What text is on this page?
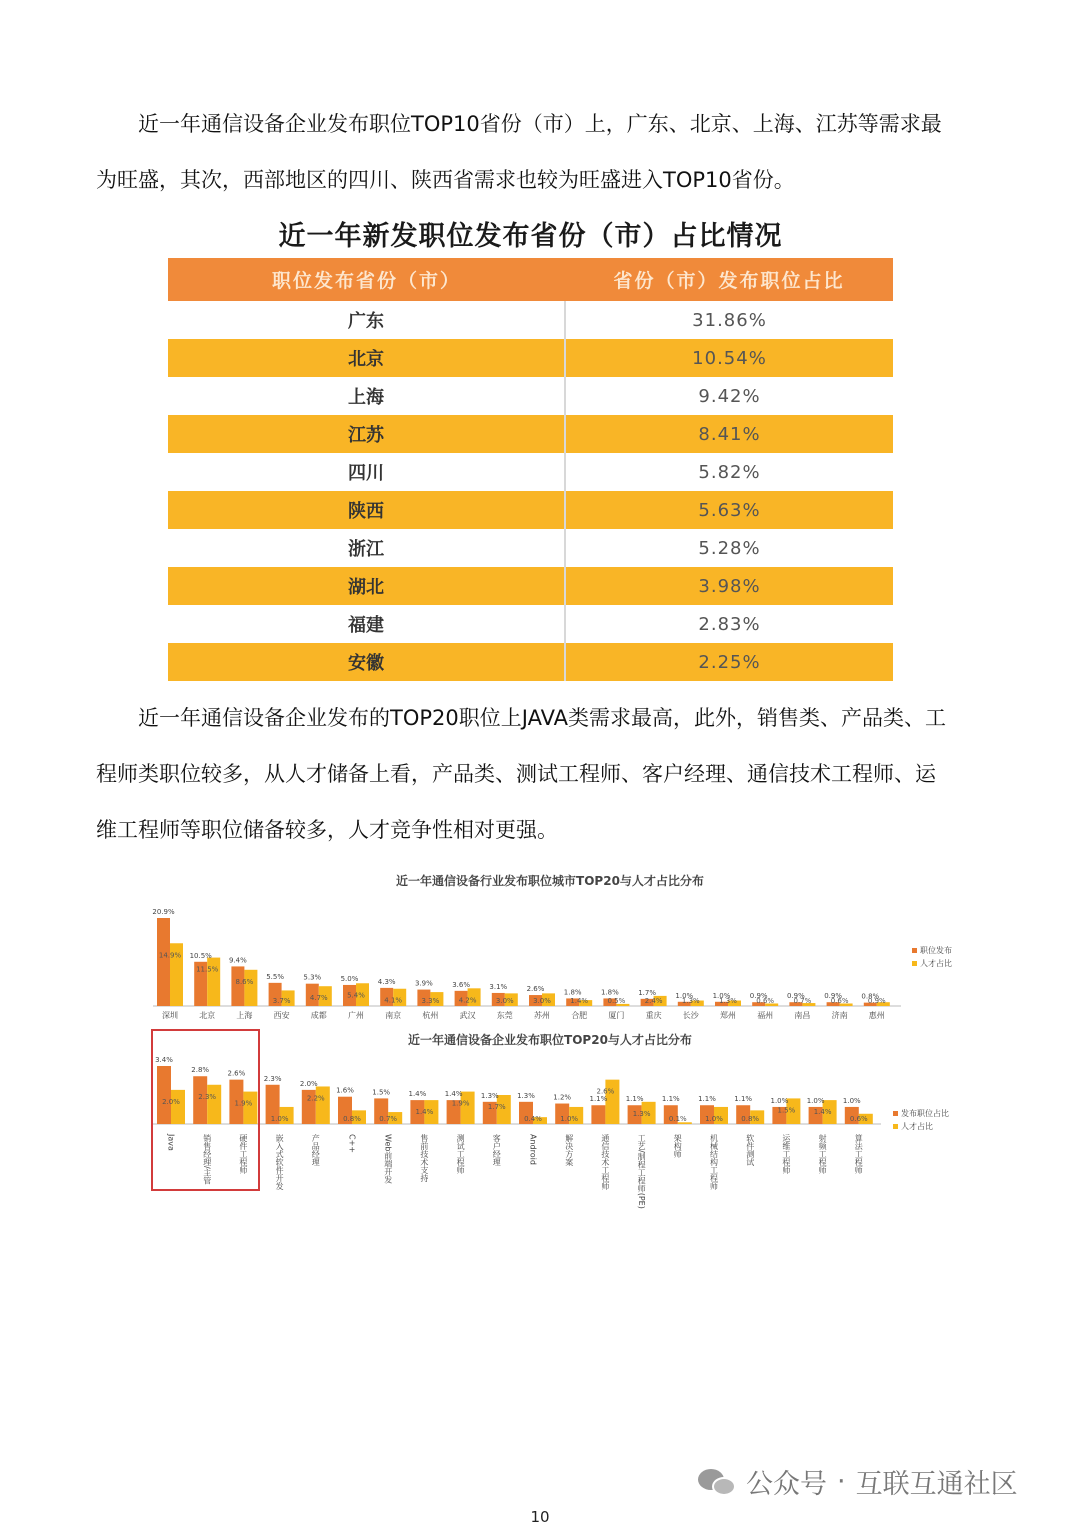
近一年通信设备企业发布职位TOP10省份（市）上，广东、北京、上海、江苏等需求最
为旺盛，其次，西部地区的四川、陕西省需求也较为旺盛进入TOP10省份。
近一年新发职位发布省份（市）占比情况
职位发布省份（市）	省份（市）发布职位占比
广东	31.86%
北京	10.54%
上海	9.42%
江苏	8.41%
四川	5.82%
陕西	5.63%
浙江	5.28%
湖北	3.98%
福建	2.83%
安徽	2.25%
近一年通信设备企业发布的TOP20职位上JAVA类需求最高，此外，销售类、产品类、工
程师类职位较多，从人才储备上看，产品类、测试工程师、客户经理、通信技术工程师、运
维工程师等职位储备较多，人才竞争性相对更强。
近一年通信设备行业发布职位城市TOP20与人才占比分布
近一年通信设备企业发布职位TOP20与人才占比分布
20.9%
14.9%
深圳
10.5%
11.5%
北京
9.4%
8.6%
上海
5.5%
3.7%
西安
5.3%
4.7%
成都
5.0%
5.4%
广州
4.3%
4.1%
南京
3.9%
3.3%
杭州
3.6%
4.2%
武汉
3.1%
3.0%
东莞
2.6%
3.0%
苏州
1.8%
1.4%
合肥
1.8%
0.5%
厦门
1.7%
2.4%
重庆
1.0%
1.3%
长沙
1.0%
1.3%
郑州
0.9%
0.6%
福州
0.9%
0.7%
南昌
0.9%
0.6%
济南
0.8%
0.9%
惠州
3.4%
2.0%
Java
2.8%
2.3%
销售经理/主管
2.6%
1.9%
硬件工程师
2.3%
1.0%
嵌入式软件开发
2.0%
2.2%
产品经理
1.6%
0.8%
C++
1.5%
0.7%
Web前端开发
1.4%
1.4%
售前技术支持
1.4%
1.9%
测试工程师
1.3%
1.7%
客户经理
1.3%
0.4%
Android
1.2%
1.0%
解决方案
1.1%
2.6%
通信技术工程师
1.1%
1.3%
工艺/制程工程师(PE)
1.1%
0.1%
架构师
1.1%
1.0%
机械结构工程师
1.1%
0.8%
软件测试
1.0%
1.5%
运维工程师
1.0%
1.4%
射频工程师
1.0%
0.6%
算法工程师
职位发布
人才占比
发布职位占比
人才占比
公众号 · 互联互通社区
10
